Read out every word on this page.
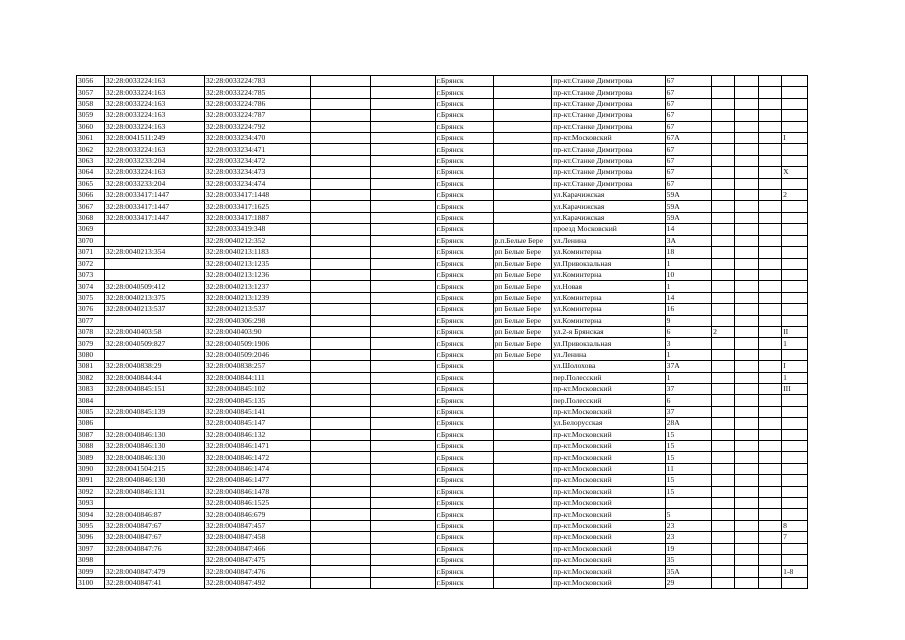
3056	32:28:0033224:163	32:28:0033224:783			г.Брянск		пр-кт.Станке Димитрова	67				
3057	32:28:0033224:163	32:28:0033224:785			г.Брянск		пр-кт.Станке Димитрова	67				
3058	32:28:0033224:163	32:28:0033224:786			г.Брянск		пр-кт.Станке Димитрова	67				
3059	32:28:0033224:163	32:28:0033224:787			г.Брянск		пр-кт.Станке Димитрова	67				
3060	32:28:0033224:163	32:28:0033224:792			г.Брянск		пр-кт.Станке Димитрова	67				
3061	32:28:0041511:249	32:28:0033234:470			г.Брянск		пр-кт.Московский	67А				I
3062	32:28:0033224:163	32:28:0033234:471			г.Брянск		пр-кт.Станке Димитрова	67				
3063	32:28:0033233:204	32:28:0033234:472			г.Брянск		пр-кт.Станке Димитрова	67				
3064	32:28:0033224:163	32:28:0033234:473			г.Брянск		пр-кт.Станке Димитрова	67				X
3065	32:28:0033233:204	32:28:0033234:474			г.Брянск		пр-кт.Станке Димитрова	67				
3066	32:28:0033417:1447	32:28:0033417:1448			г.Брянск		ул.Карачижская	59А				2
3067	32:28:0033417:1447	32:28:0033417:1625			г.Брянск		ул.Карачижская	59А				
3068	32:28:0033417:1447	32:28:0033417:1887			г.Брянск		ул.Карачижская	59А				
3069		32:28:0033419:348			г.Брянск		проезд Московский	14				
3070		32:28:0040212:352			г.Брянск	р.п.Белые Бере	ул.Ленина	3А				
3071	32:28:0040213:354	32:28:0040213:1183			г.Брянск	рп Белые Бере	ул.Коминтерна	18				
3072		32:28:0040213:1235			г.Брянск	рп.Белые Бере	ул.Привокзальная	1				
3073		32:28:0040213:1236			г.Брянск	рп Белые Бере	ул.Коминтерна	10				
3074	32:28:0040509:412	32:28:0040213:1237			г.Брянск	рп Белые Бере	ул.Новая	1				
3075	32:28:0040213:375	32:28:0040213:1239			г.Брянск	рп Белые Бере	ул.Коминтерна	14				
3076	32:28:0040213:537	32:28:0040213:537			г.Брянск	рп Белые Бере	ул.Коминтерна	16				
3077		32:28:0040306:298			г.Брянск	рп Белые Бере	ул.Коминтерна	9				
3078	32:28:0040403:58	32:28:0040403:90			г.Брянск	рп Белые Бере	ул.2-я Брянская	6	2			II
3079	32:28:0040509:827	32:28:0040509:1906			г.Брянск	рп Белые Бере	ул.Привокзальная	3				1
3080		32:28:0040509:2046			г.Брянск	рп Белые Бере	ул.Ленина	1				
3081	32:28:0040838:29	32:28:0040838:257			г.Брянск		ул.Шолохова	37А				I
3082	32:28:0040844:44	32:28:0040844:111			г.Брянск		пер.Полесский	1				1
3083	32:28:0040845:151	32:28:0040845:102			г.Брянск		пр-кт.Московский	37				III
3084		32:28:0040845:135			г.Брянск		пер.Полесский	6				
3085	32:28:0040845:139	32:28:0040845:141			г.Брянск		пр-кт.Московский	37				
3086		32:28:0040845:147			г.Брянск		ул.Белорусская	28А				
3087	32:28:0040846:130	32:28:0040846:132			г.Брянск		пр-кт.Московский	15				
3088	32:28:0040846:130	32:28:0040846:1471			г.Брянск		пр-кт.Московский	15				
3089	32:28:0040846:130	32:28:0040846:1472			г.Брянск		пр-кт.Московский	15				
3090	32:28:0041504:215	32:28:0040846:1474			г.Брянск		пр-кт.Московский	11				
3091	32:28:0040846:130	32:28:0040846:1477			г.Брянск		пр-кт.Московский	15				
3092	32:28:0040846:131	32:28:0040846:1478			г.Брянск		пр-кт.Московский	15				
3093		32:28:0040846:1525			г.Брянск		пр-кт.Московский					
3094	32:28:0040846:87	32:28:0040846:679			г.Брянск		пр-кт.Московский	5				
3095	32:28:0040847:67	32:28:0040847:457			г.Брянск		пр-кт.Московский	23				8
3096	32:28:0040847:67	32:28:0040847:458			г.Брянск		пр-кт.Московский	23				7
3097	32:28:0040847:76	32:28:0040847:466			г.Брянск		пр-кт.Московский	19				
3098		32:28:0040847:475			г.Брянск		пр-кт.Московский	35				
3099	32:28:0040847:479	32:28:0040847:476			г.Брянск		пр-кт.Московский	35А				1-8
3100	32:28:0040847:41	32:28:0040847:492			г.Брянск		пр-кт.Московский	29				
